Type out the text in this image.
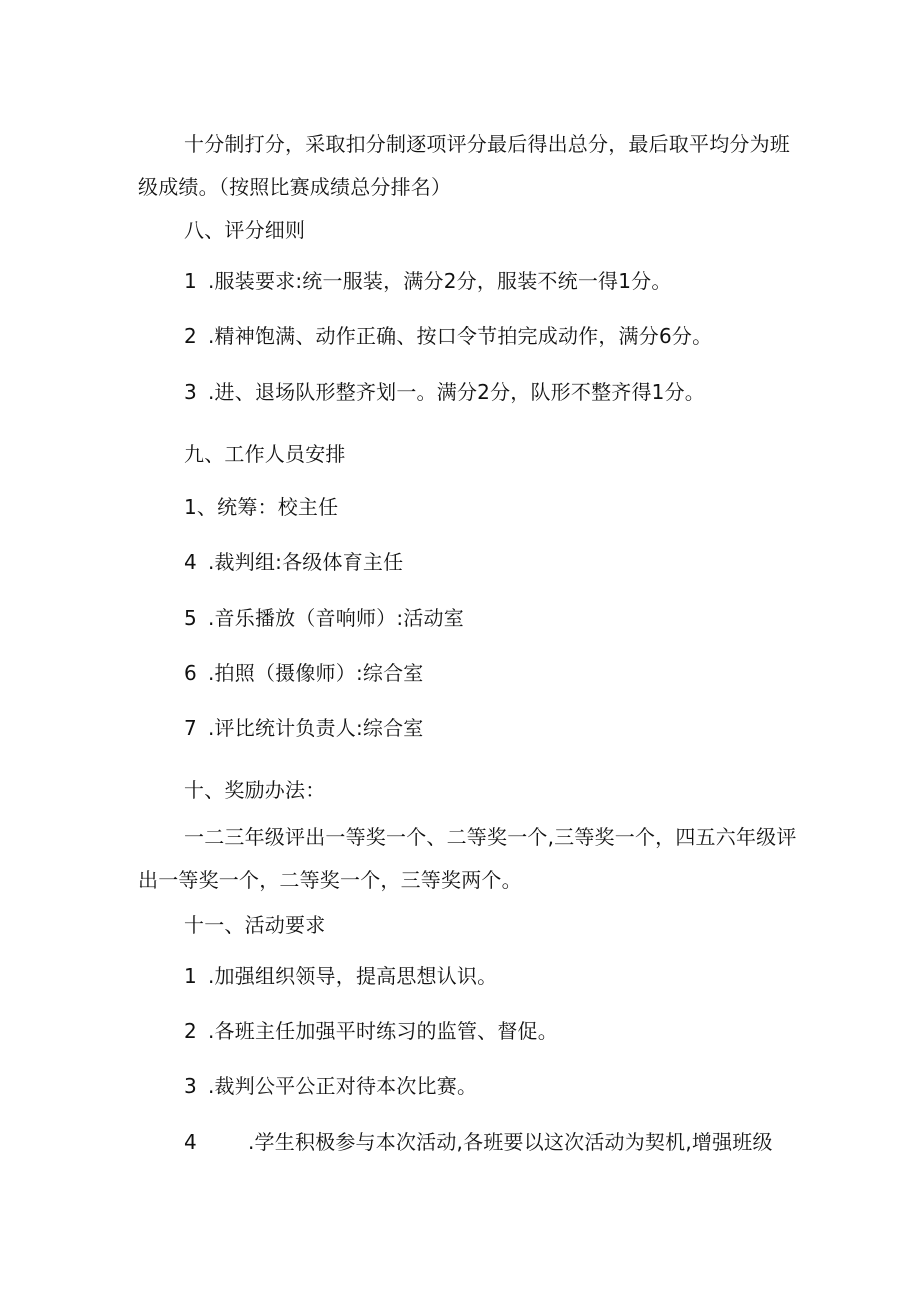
十分制打分，采取扣分制逐项评分最后得出总分，最后取平均分为班
级成绩。（按照比赛成绩总分排名）
八、评分细则
1 .服装要求:统一服装，满分2分，服装不统一得1分。
2 .精神饱满、动作正确、按口令节拍完成动作，满分6分。
3 .进、退场队形整齐划一。满分2分，队形不整齐得1分。
九、工作人员安排
1、统筹：校主任
4 .裁判组:各级体育主任
5 .音乐播放（音响师）:活动室
6 .拍照（摄像师）:综合室
7 .评比统计负责人:综合室
十、奖励办法：
一二三年级评出一等奖一个、二等奖一个,三等奖一个，四五六年级评
出一等奖一个，二等奖一个，三等奖两个。
十一、活动要求
1 .加强组织领导，提高思想认识。
2 .各班主任加强平时练习的监管、督促。
3 .裁判公平公正对待本次比赛。
4	.学生积极参与本次活动,各班要以这次活动为契机,增强班级
